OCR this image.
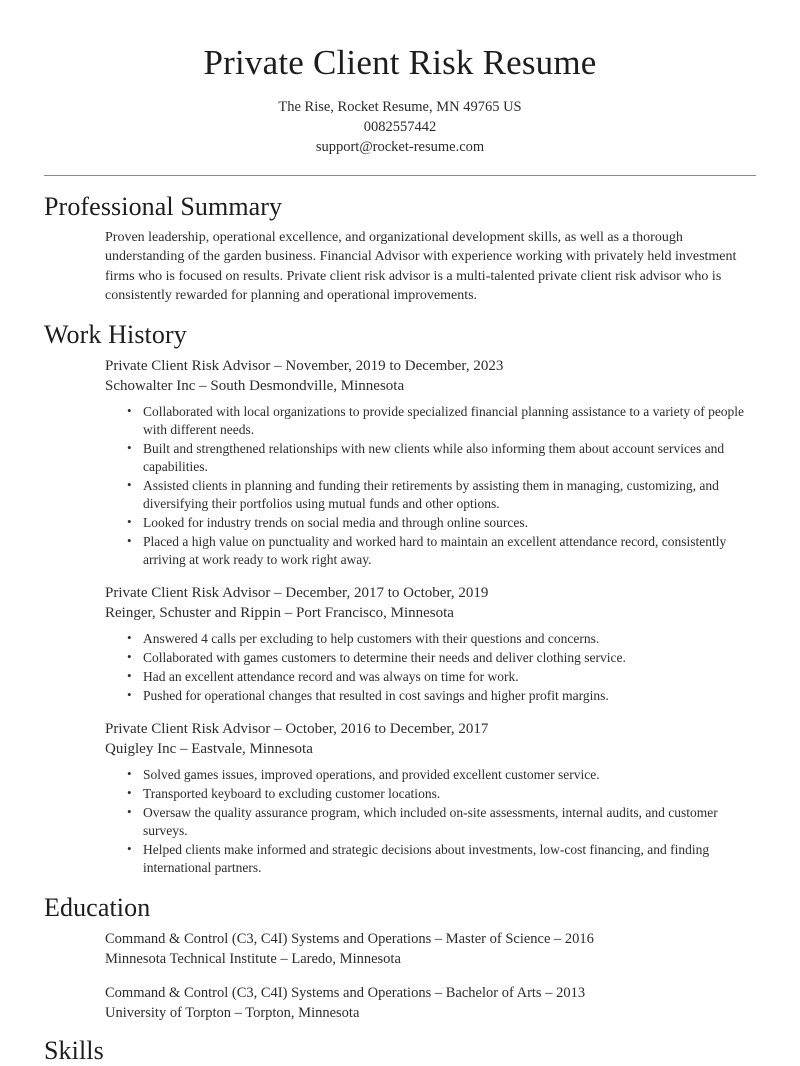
Private Client Risk Resume
The Rise, Rocket Resume, MN 49765 US
0082557442
support@rocket-resume.com
Professional Summary

Proven leadership, operational excellence, and organizational development skills, as well as a thorough understanding of the garden business. Financial Advisor with experience working with privately held investment firms who is focused on results. Private client risk advisor is a multi-talented private client risk advisor who is consistently rewarded for planning and operational improvements.

Work History
Private Client Risk Advisor – November, 2019 to December, 2023
Schowalter Inc – South Desmondville, Minnesota
• Collaborated with local organizations to provide specialized financial planning assistance to a variety of people with different needs.
• Built and strengthened relationships with new clients while also informing them about account services and capabilities.
• Assisted clients in planning and funding their retirements by assisting them in managing, customizing, and diversifying their portfolios using mutual funds and other options.
• Looked for industry trends on social media and through online sources.
• Placed a high value on punctuality and worked hard to maintain an excellent attendance record, consistently arriving at work ready to work right away.
Private Client Risk Advisor – December, 2017 to October, 2019
Reinger, Schuster and Rippin – Port Francisco, Minnesota
• Answered 4 calls per excluding to help customers with their questions and concerns.
• Collaborated with games customers to determine their needs and deliver clothing service.
• Had an excellent attendance record and was always on time for work.
• Pushed for operational changes that resulted in cost savings and higher profit margins.
Private Client Risk Advisor – October, 2016 to December, 2017
Quigley Inc – Eastvale, Minnesota
• Solved games issues, improved operations, and provided excellent customer service.
• Transported keyboard to excluding customer locations.
• Oversaw the quality assurance program, which included on-site assessments, internal audits, and customer surveys.
• Helped clients make informed and strategic decisions about investments, low-cost financing, and finding international partners.
Education
Command & Control (C3, C4I) Systems and Operations – Master of Science – 2016
Minnesota Technical Institute – Laredo, Minnesota
Command & Control (C3, C4I) Systems and Operations – Bachelor of Arts – 2013
University of Torpton – Torpton, Minnesota
Skills
